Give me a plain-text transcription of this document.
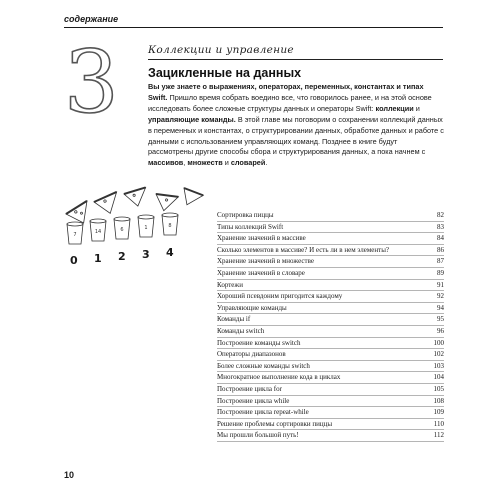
содержание
3	Коллекции и управление
Зацикленные на данных
Вы уже знаете о выражениях, операторах, переменных, константах и типах Swift. Пришло время собрать воедино все, что говорилось ранее, и на этой основе исследовать более сложные структуры данных и операторы Swift: коллекции и управляющие команды. В этой главе мы поговорим о сохранении коллекций данных в переменных и константах, о структурировании данных, обработке данных и работе с данными с использованием управляющих команд. Позднее в книге будут рассмотрены другие способы сбора и структурирования данных, а пока начнем с массивов, множеств и словарей.
7	14	6	1	8
0 1 2 3 4
Сортировка пиццы	82
Типы коллекций Swift	83
Хранение значений в массиве	84
Сколько элементов в массиве? И есть ли в нем элементы?	86
Хранение значений в множестве	87
Хранение значений в словаре	89
Кортежи	91
Хороший псевдоним пригодится каждому	92
Управляющие команды	94
Команды if	95
Команды switch	96
Построение команды switch	100
Операторы диапазонов	102
Более сложные команды switch	103
Многократное выполнение кода в циклах	104
Построение цикла for	105
Построение цикла while	108
Построение цикла repeat-while	109
Решение проблемы сортировки пиццы	110
Мы прошли большой путь!	112
10
